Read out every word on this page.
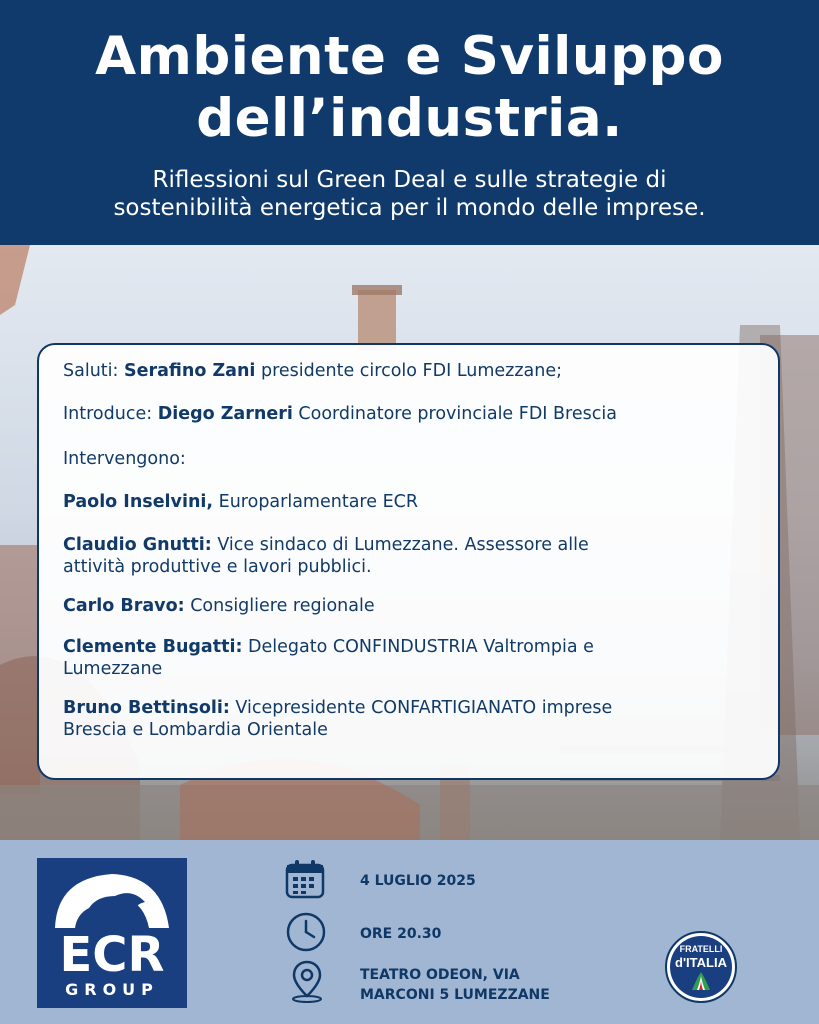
Ambiente e Sviluppo
dell’industria.
Riflessioni sul Green Deal e sulle strategie di
sostenibilità energetica per il mondo delle imprese.
Saluti: Serafino Zani presidente circolo FDI Lumezzane;
Introduce: Diego Zarneri Coordinatore provinciale FDI Brescia
Intervengono:
Paolo Inselvini, Europarlamentare ECR
Claudio Gnutti: Vice sindaco di Lumezzane. Assessore alle
attività produttive e lavori pubblici.
Carlo Bravo: Consigliere regionale
Clemente Bugatti: Delegato CONFINDUSTRIA Valtrompia e
Lumezzane
Bruno Bettinsoli: Vicepresidente CONFARTIGIANATO imprese
Brescia e Lombardia Orientale
ECR
GROUP
4 LUGLIO 2025
ORE 20.30
TEATRO ODEON, VIA
MARCONI 5 LUMEZZANE
FRATELLI
d'ITALIA
